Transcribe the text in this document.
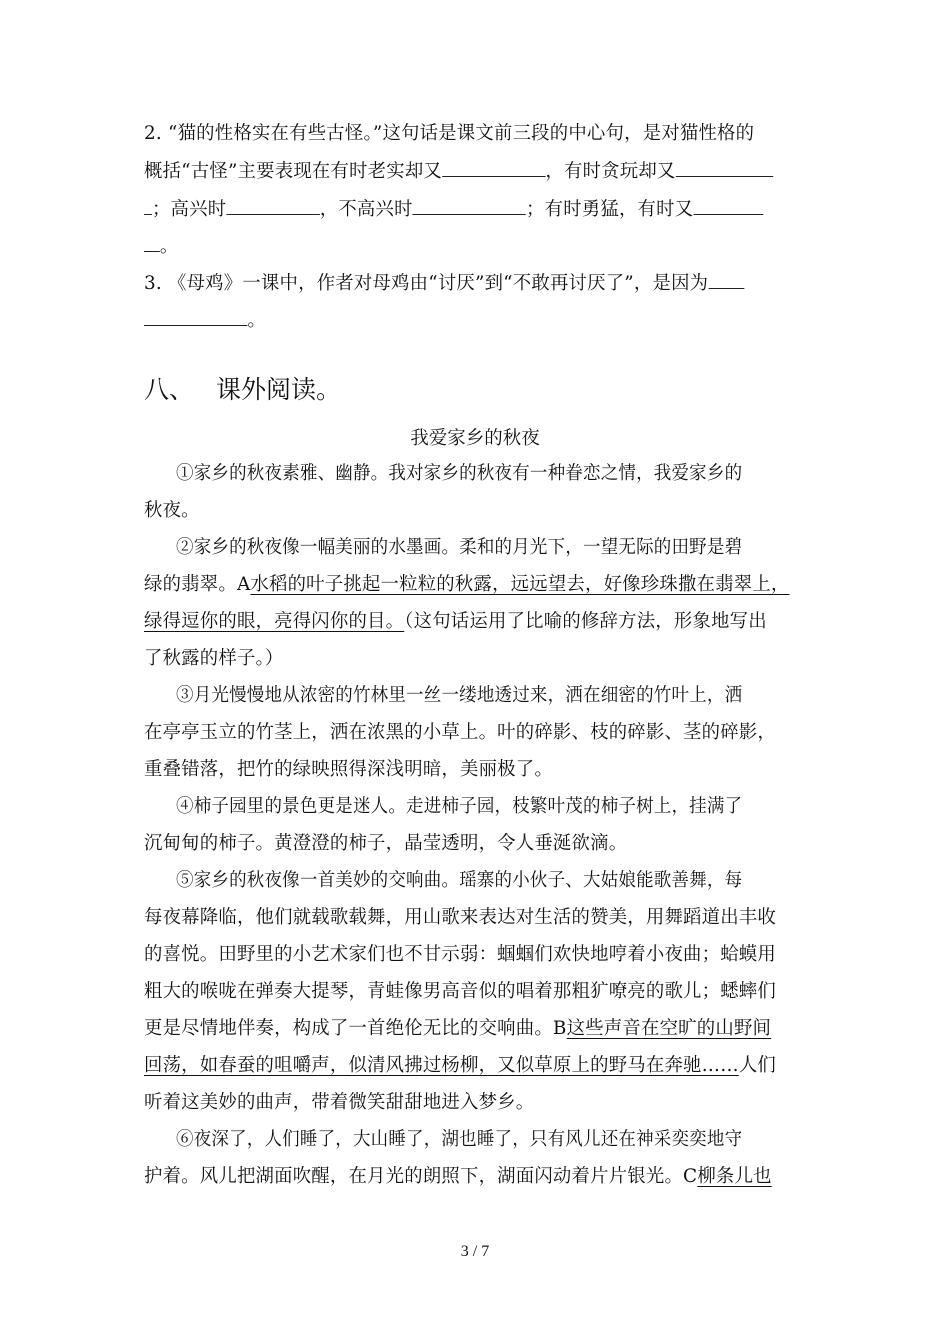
2. “猫的性格实在有些古怪。”这句话是课文前三段的中心句，是对猫性格的
概括“古怪”主要表现在有时老实却又	，有时贪玩却又
；高兴时	，不高兴时	；有时勇猛，有时又
。
3. 《母鸡》一课中，作者对母鸡由“讨厌”到“不敢再讨厌了”，是因为
。
八、 课外阅读。
我爱家乡的秋夜
①家乡的秋夜素雅、幽静。我对家乡的秋夜有一种眷恋之情，我爱家乡的
秋夜。
②家乡的秋夜像一幅美丽的水墨画。柔和的月光下，一望无际的田野是碧
绿的翡翠。A水稻的叶子挑起一粒粒的秋露，远远望去，好像珍珠撒在翡翠上，
绿得逗你的眼，亮得闪你的目。（这句话运用了比喻的修辞方法，形象地写出
了秋露的样子。）
③月光慢慢地从浓密的竹林里一丝一缕地透过来，洒在细密的竹叶上，洒
在亭亭玉立的竹茎上，洒在浓黑的小草上。叶的碎影、枝的碎影、茎的碎影，
重叠错落，把竹的绿映照得深浅明暗，美丽极了。
④柿子园里的景色更是迷人。走进柿子园，枝繁叶茂的柿子树上，挂满了
沉甸甸的柿子。黄澄澄的柿子，晶莹透明，令人垂涎欲滴。
⑤家乡的秋夜像一首美妙的交响曲。瑶寨的小伙子、大姑娘能歌善舞，每
每夜幕降临，他们就载歌载舞，用山歌来表达对生活的赞美，用舞蹈道出丰收
的喜悦。田野里的小艺术家们也不甘示弱：蝈蝈们欢快地哼着小夜曲；蛤蟆用
粗大的喉咙在弹奏大提琴，青蛙像男高音似的唱着那粗犷嘹亮的歌儿；蟋蟀们
更是尽情地伴奏，构成了一首绝伦无比的交响曲。B这些声音在空旷的山野间
回荡，如春蚕的咀嚼声，似清风拂过杨柳，又似草原上的野马在奔驰……人们
听着这美妙的曲声，带着微笑甜甜地进入梦乡。
⑥夜深了，人们睡了，大山睡了，湖也睡了，只有风儿还在神采奕奕地守
护着。风儿把湖面吹醒，在月光的朗照下，湖面闪动着片片银光。C柳条儿也
3 / 7
